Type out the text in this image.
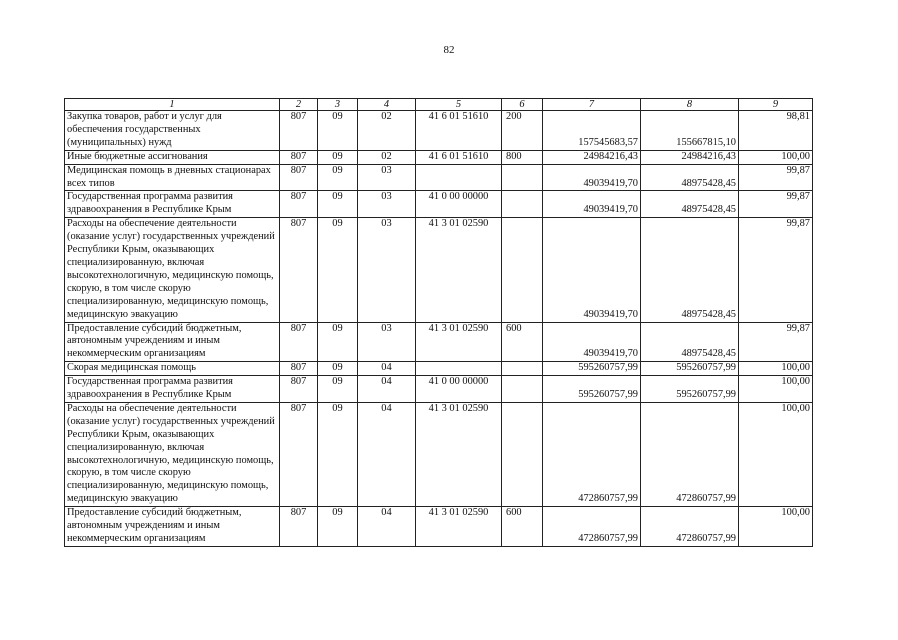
82
1	2	3	4	5	6	7	8	9
Закупка товаров, работ и услуг для обеспечения государственных (муниципальных) нужд	807	09	02	41 6 01 51610	200	157545683,57	155667815,10	98,81
Иные бюджетные ассигнования	807	09	02	41 6 01 51610	800	24984216,43	24984216,43	100,00
Медицинская помощь в дневных стационарах всех типов	807	09	03			49039419,70	48975428,45	99,87
Государственная программа развития здравоохранения в Республике Крым	807	09	03	41 0 00 00000		49039419,70	48975428,45	99,87
Расходы на обеспечение деятельности (оказание услуг) государственных учреждений Республики Крым, оказывающих специализированную, включая высокотехнологичную, медицинскую помощь, скорую, в том числе скорую специализированную, медицинскую помощь, медицинскую эвакуацию	807	09	03	41 3 01 02590		49039419,70	48975428,45	99,87
Предоставление субсидий бюджетным, автономным учреждениям и иным некоммерческим организациям	807	09	03	41 3 01 02590	600	49039419,70	48975428,45	99,87
Скорая медицинская помощь	807	09	04			595260757,99	595260757,99	100,00
Государственная программа развития здравоохранения в Республике Крым	807	09	04	41 0 00 00000		595260757,99	595260757,99	100,00
Расходы на обеспечение деятельности (оказание услуг) государственных учреждений Республики Крым, оказывающих специализированную, включая высокотехнологичную, медицинскую помощь, скорую, в том числе скорую специализированную, медицинскую помощь, медицинскую эвакуацию	807	09	04	41 3 01 02590		472860757,99	472860757,99	100,00
Предоставление субсидий бюджетным, автономным учреждениям и иным некоммерческим организациям	807	09	04	41 3 01 02590	600	472860757,99	472860757,99	100,00
